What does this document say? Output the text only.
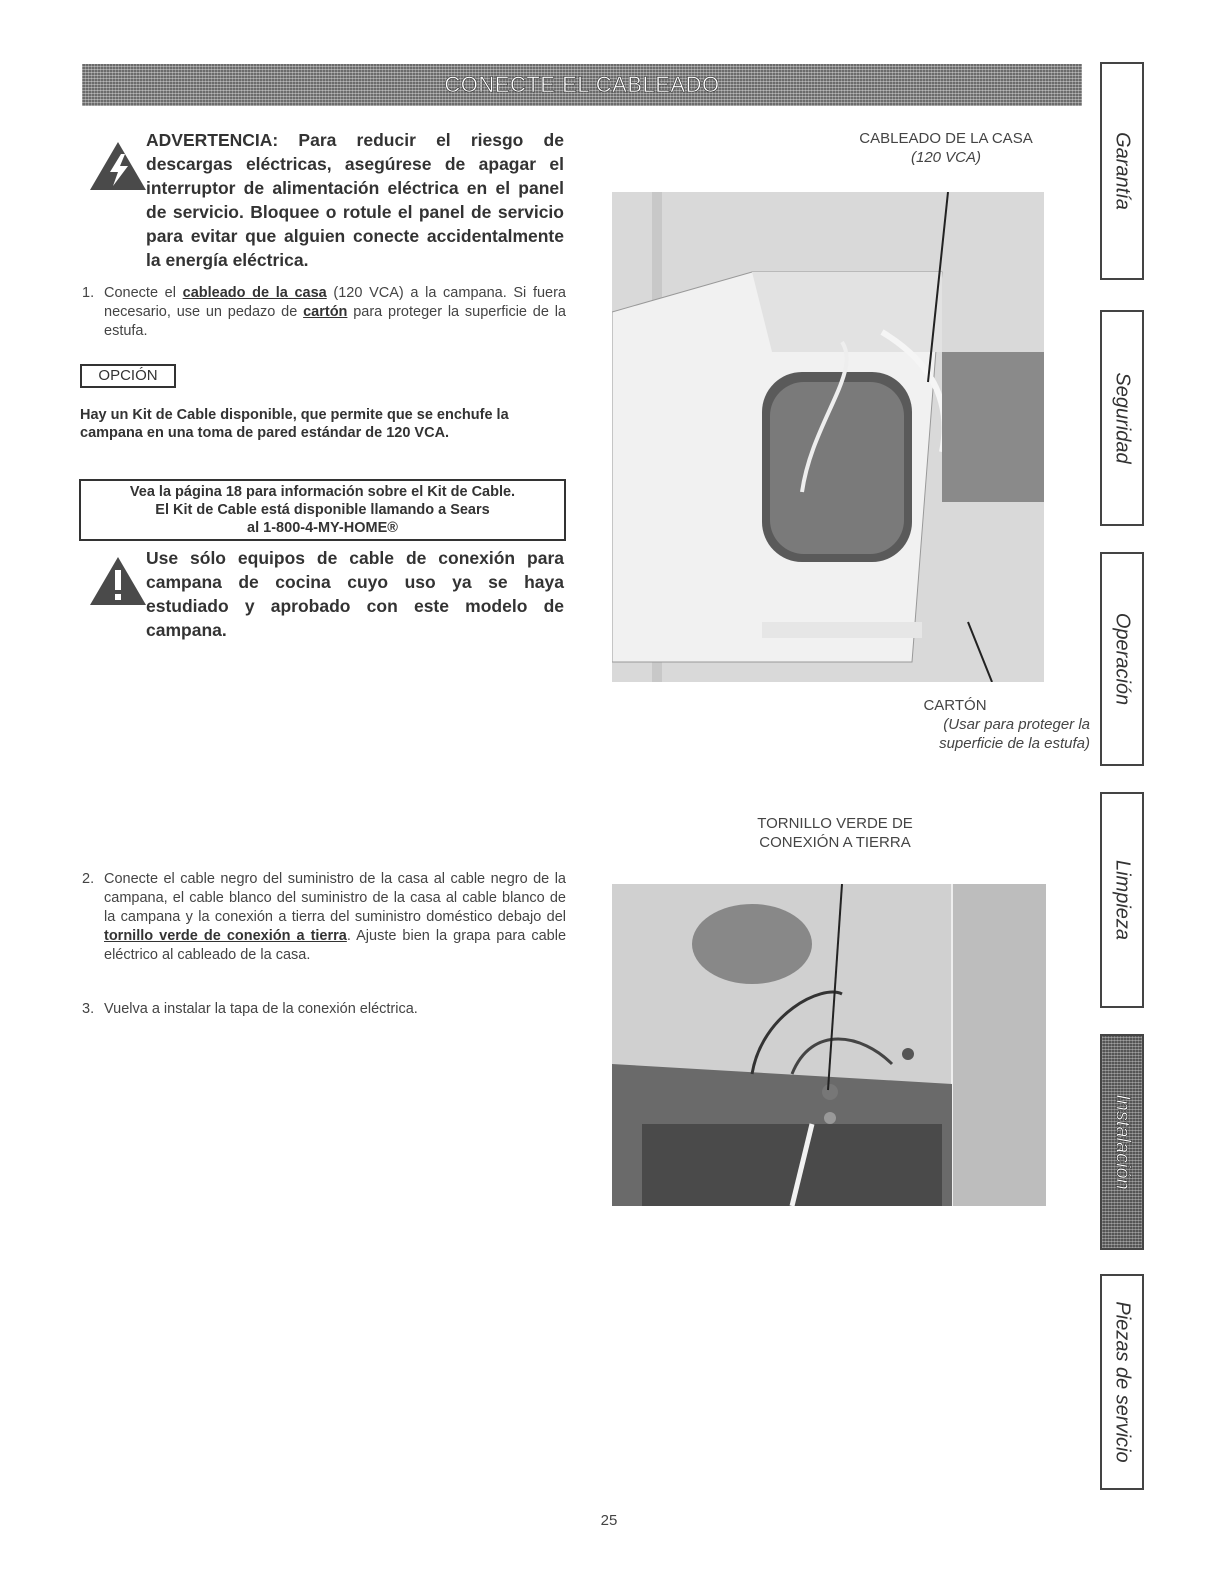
CONECTE EL CABLEADO
ADVERTENCIA: Para reducir el riesgo de descargas eléctricas, asegúrese de apagar el interruptor de alimentación eléctrica en el panel de servicio. Bloquee o rotule el panel de servicio para evitar que alguien conecte accidentalmente la energía eléctrica.
1. Conecte el cableado de la casa (120 VCA) a la campana. Si fuera necesario, use un pedazo de cartón para proteger la superficie de la estufa.
OPCIÓN
Hay un Kit de Cable disponible, que permite que se enchufe la campana en una toma de pared estándar de 120 VCA.
Vea la página 18 para información sobre el Kit de Cable.
El Kit de Cable está disponible llamando a Sears
al 1-800-4-MY-HOME®
Use sólo equipos de cable de conexión para campana de cocina cuyo uso ya se haya estudiado y aprobado con este modelo de campana.
2. Conecte el cable negro del suministro de la casa al cable negro de la campana, el cable blanco del suministro de la casa al cable blanco de la campana y la conexión a tierra del suministro doméstico debajo del tornillo verde de conexión a tierra. Ajuste bien la grapa para cable eléctrico al cableado de la casa.
3. Vuelva a instalar la tapa de la conexión eléctrica.
CABLEADO DE LA CASA
(120 VCA)
CARTÓN
(Usar para proteger la
superficie de la estufa)
TORNILLO VERDE DE
CONEXIÓN A TIERRA
Garantía
Seguridad
Operación
Limpieza
Instalación
Piezas de servicio
25
